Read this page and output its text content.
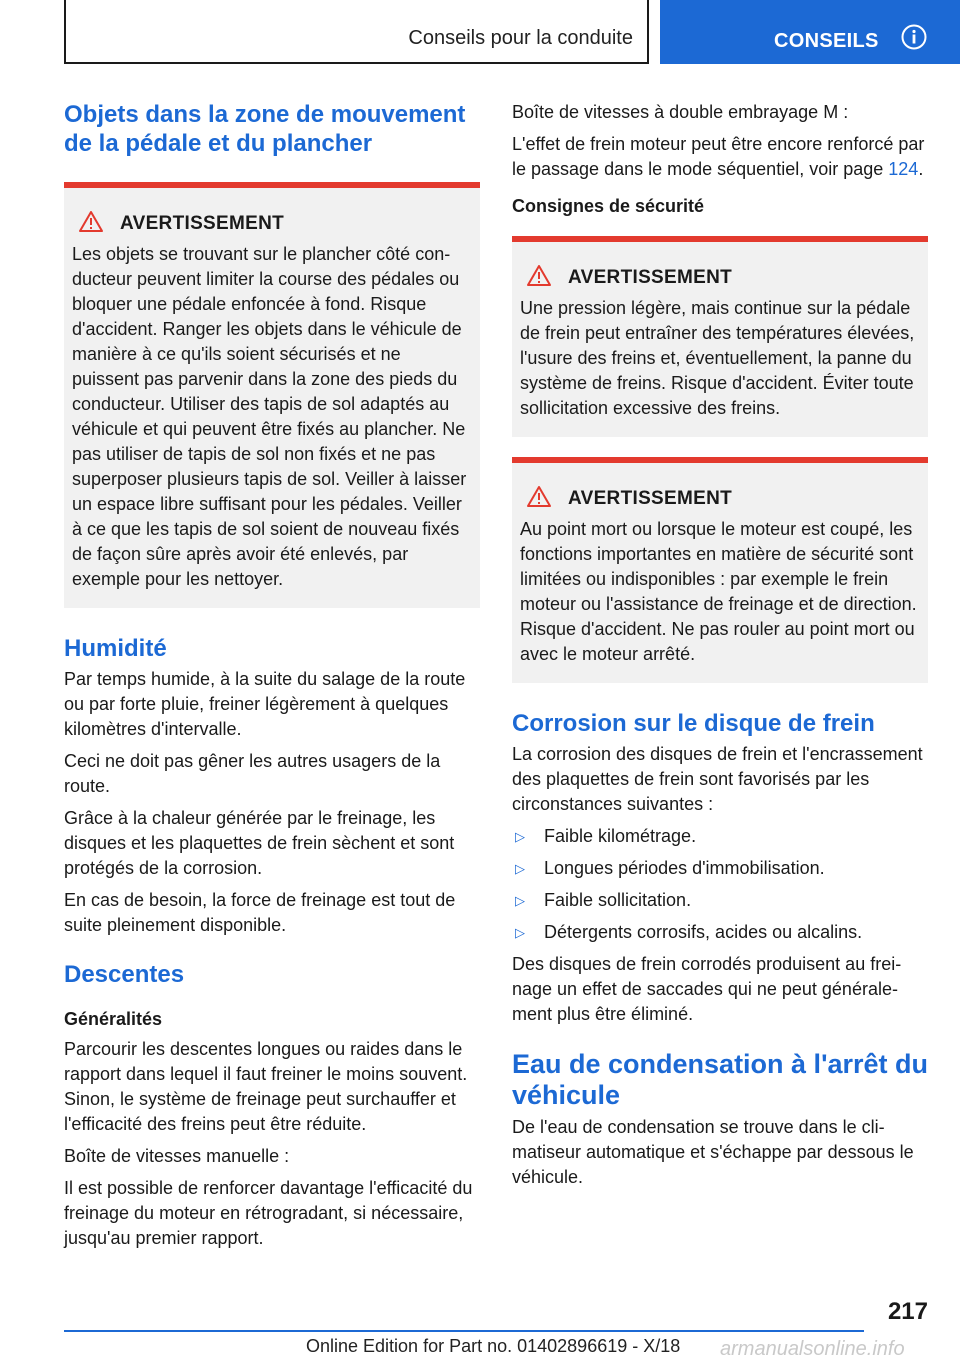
Conseils pour la conduite	CONSEILS
Objets dans la zone de mouvement de la pédale et du plancher
AVERTISSEMENT

Les objets se trouvant sur le plancher côté conducteur peuvent limiter la course des pédales ou bloquer une pédale enfoncée à fond. Risque d'accident. Ranger les objets dans le véhicule de manière à ce qu'ils soient sécurisés et ne puissent pas parvenir dans la zone des pieds du conducteur. Utiliser des tapis de sol adaptés au véhicule et qui peuvent être fixés au plancher. Ne pas utiliser de tapis de sol non fixés et ne pas superposer plusieurs tapis de sol. Veiller à laisser un espace libre suffisant pour les pédales. Veiller à ce que les tapis de sol soient de nouveau fixés de façon sûre après avoir été enlevés, par exemple pour les nettoyer.

Humidité

Par temps humide, à la suite du salage de la route ou par forte pluie, freiner légèrement à quelques kilomètres d'intervalle.

Ceci ne doit pas gêner les autres usagers de la route.

Grâce à la chaleur générée par le freinage, les disques et les plaquettes de frein sèchent et sont protégés de la corrosion.

En cas de besoin, la force de freinage est tout de suite pleinement disponible.

Descentes
Généralités

Parcourir les descentes longues ou raides dans le rapport dans lequel il faut freiner le moins souvent. Sinon, le système de freinage peut surchauffer et l'efficacité des freins peut être réduite.

Boîte de vitesses manuelle :

Il est possible de renforcer davantage l'efficacité du freinage du moteur en rétrogradant, si nécessaire, jusqu'au premier rapport.

Boîte de vitesses à double embrayage M :

L'effet de frein moteur peut être encore renforcé par le passage dans le mode séquentiel, voir page 124.

Consignes de sécurité
AVERTISSEMENT

Une pression légère, mais continue sur la pédale de frein peut entraîner des températures élevées, l'usure des freins et, éventuellement, la panne du système de freins. Risque d'accident. Éviter toute sollicitation excessive des freins.

AVERTISSEMENT

Au point mort ou lorsque le moteur est coupé, les fonctions importantes en matière de sécurité sont limitées ou indisponibles : par exemple le frein moteur ou l'assistance de freinage et de direction. Risque d'accident. Ne pas rouler au point mort ou avec le moteur arrêté.

Corrosion sur le disque de frein

La corrosion des disques de frein et l'encrassement des plaquettes de frein sont favorisés par les circonstances suivantes :

▷	Faible kilométrage.
▷	Longues périodes d'immobilisation.
▷	Faible sollicitation.
▷	Détergents corrosifs, acides ou alcalins.

Des disques de frein corrodés produisent au freinage un effet de saccades qui ne peut généralement plus être éliminé.

Eau de condensation à l'arrêt du véhicule

De l'eau de condensation se trouve dans le climatiseur automatique et s'échappe par dessous le véhicule.

217
Online Edition for Part no. 01402896619 - X/18 armanualsonline.info
